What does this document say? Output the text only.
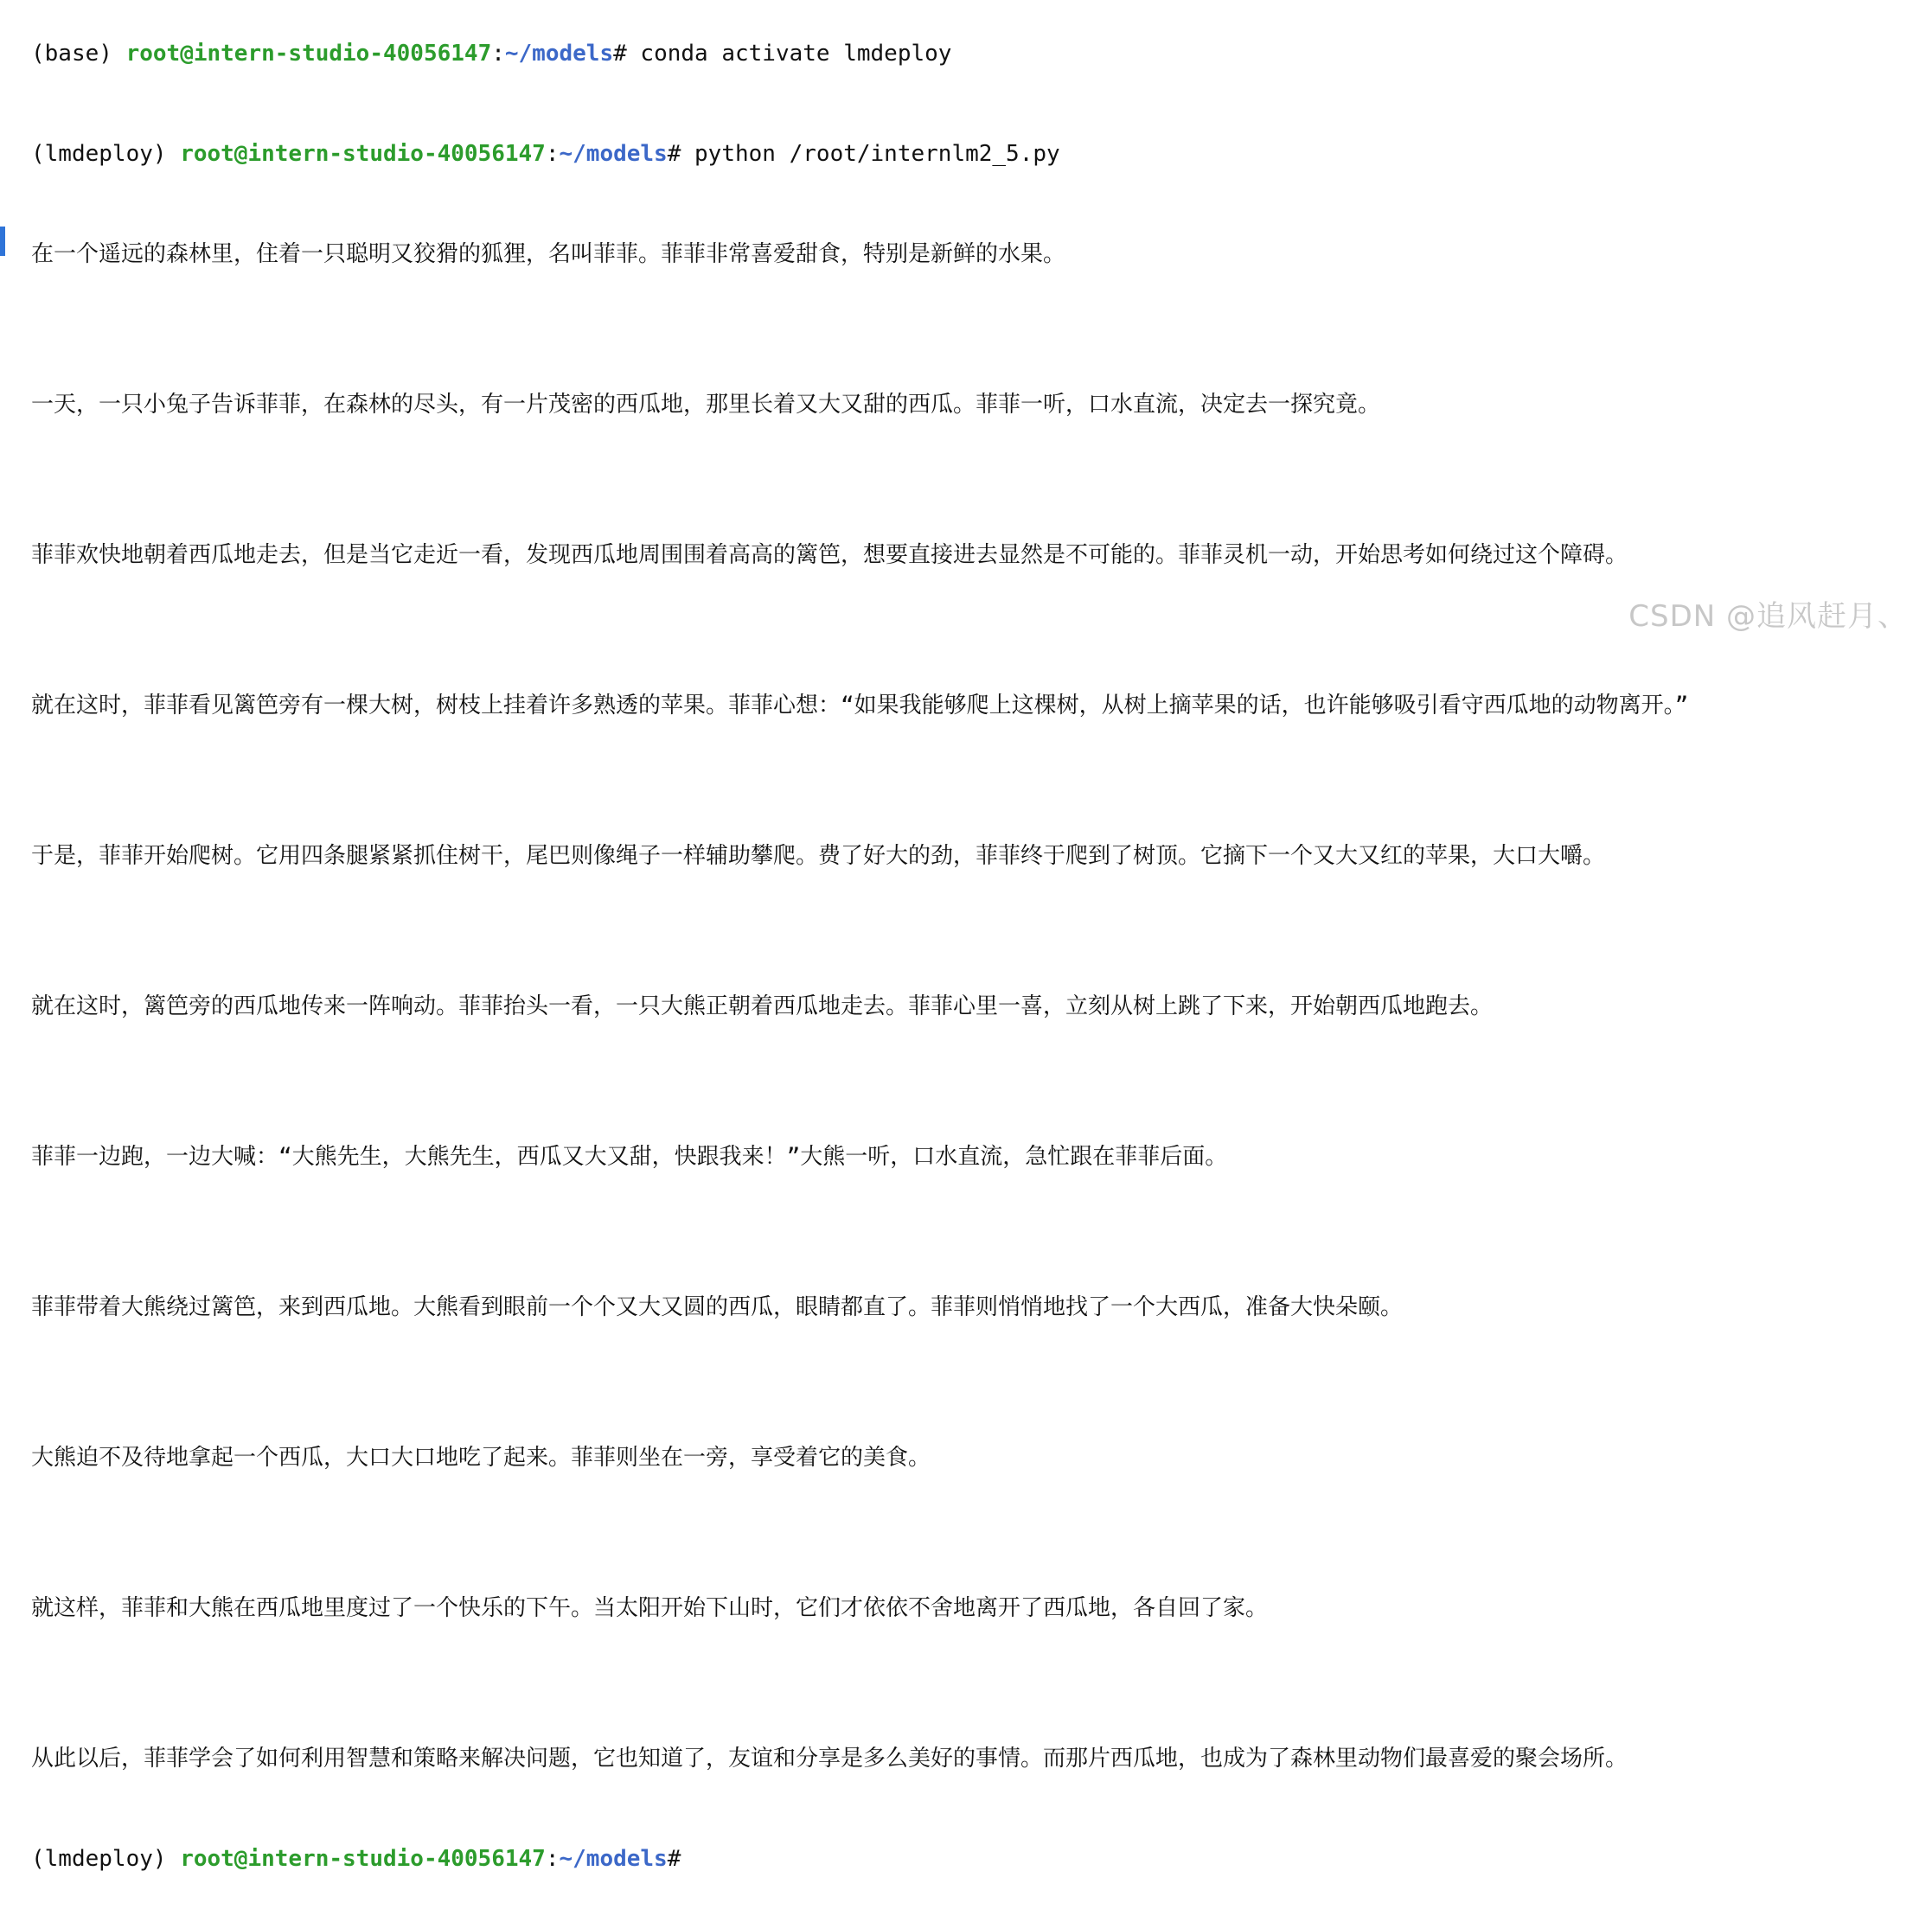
(base) root@intern-studio-40056147:~/models# conda activate lmdeploy

(lmdeploy) root@intern-studio-40056147:~/models# python /root/internlm2_5.py

在一个遥远的森林里，住着一只聪明又狡猾的狐狸，名叫菲菲。菲菲非常喜爱甜食，特别是新鲜的水果。

一天，一只小兔子告诉菲菲，在森林的尽头，有一片茂密的西瓜地，那里长着又大又甜的西瓜。菲菲一听，口水直流，决定去一探究竟。

菲菲欢快地朝着西瓜地走去，但是当它走近一看，发现西瓜地周围围着高高的篱笆，想要直接进去显然是不可能的。菲菲灵机一动，开始思考如何绕过这个障碍。

就在这时，菲菲看见篱笆旁有一棵大树，树枝上挂着许多熟透的苹果。菲菲心想：“如果我能够爬上这棵树，从树上摘苹果的话，也许能够吸引看守西瓜地的动物离开。”

于是，菲菲开始爬树。它用四条腿紧紧抓住树干，尾巴则像绳子一样辅助攀爬。费了好大的劲，菲菲终于爬到了树顶。它摘下一个又大又红的苹果，大口大嚼。

就在这时，篱笆旁的西瓜地传来一阵响动。菲菲抬头一看，一只大熊正朝着西瓜地走去。菲菲心里一喜，立刻从树上跳了下来，开始朝西瓜地跑去。

菲菲一边跑，一边大喊：“大熊先生，大熊先生，西瓜又大又甜，快跟我来！”大熊一听，口水直流，急忙跟在菲菲后面。

菲菲带着大熊绕过篱笆，来到西瓜地。大熊看到眼前一个个又大又圆的西瓜，眼睛都直了。菲菲则悄悄地找了一个大西瓜，准备大快朵颐。

大熊迫不及待地拿起一个西瓜，大口大口地吃了起来。菲菲则坐在一旁，享受着它的美食。

就这样，菲菲和大熊在西瓜地里度过了一个快乐的下午。当太阳开始下山时，它们才依依不舍地离开了西瓜地，各自回了家。

从此以后，菲菲学会了如何利用智慧和策略来解决问题，它也知道了，友谊和分享是多么美好的事情。而那片西瓜地，也成为了森林里动物们最喜爱的聚会场所。

(lmdeploy) root@intern-studio-40056147:~/models#

CSDN @追风赶月、
